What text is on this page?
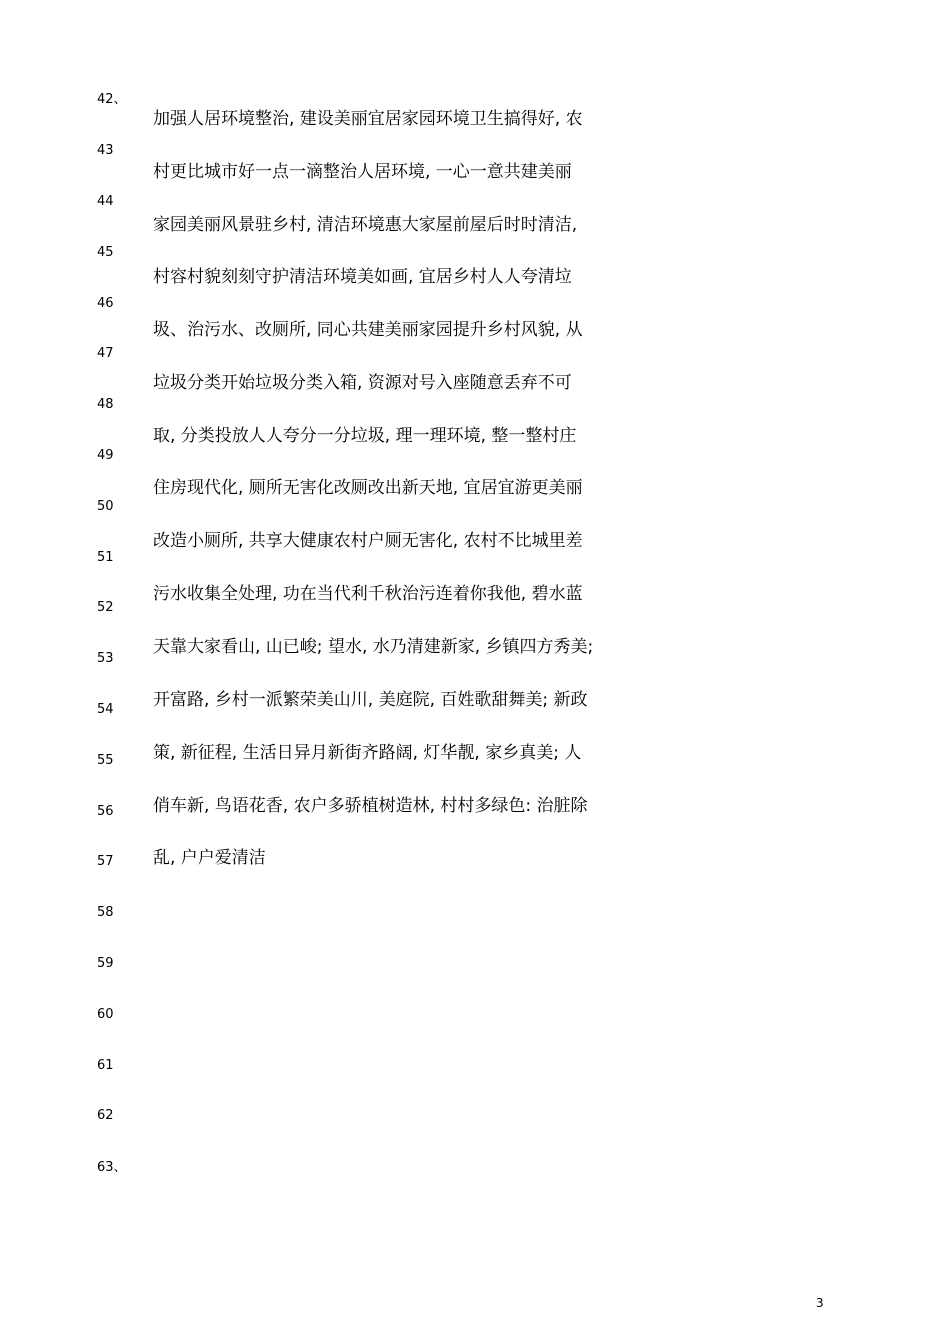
42、
43
44
45
46
47
48
49
50
51
52
53
54
55
56
57
58
59
60
61
62
63、
加强人居环境整治, 建设美丽宜居家园环境卫生搞得好, 农
村更比城市好一点一滴整治人居环境, 一心一意共建美丽
家园美丽风景驻乡村, 清洁环境惠大家屋前屋后时时清洁,
村容村貌刻刻守护清洁环境美如画, 宜居乡村人人夸清垃
圾、治污水、改厕所, 同心共建美丽家园提升乡村风貌, 从
垃圾分类开始垃圾分类入箱, 资源对号入座随意丢弃不可
取, 分类投放人人夸分一分垃圾, 理一理环境, 整一整村庄
住房现代化, 厕所无害化改厕改出新天地, 宜居宜游更美丽
改造小厕所, 共享大健康农村户厕无害化, 农村不比城里差
污水收集全处理, 功在当代利千秋治污连着你我他, 碧水蓝
天靠大家看山, 山已峻; 望水, 水乃清建新家, 乡镇四方秀美;
开富路, 乡村一派繁荣美山川, 美庭院, 百姓歌甜舞美; 新政
策, 新征程, 生活日异月新街齐路阔, 灯华靓, 家乡真美; 人
俏车新, 鸟语花香, 农户多骄植树造林, 村村多绿色: 治脏除
乱, 户户爱清洁
3
